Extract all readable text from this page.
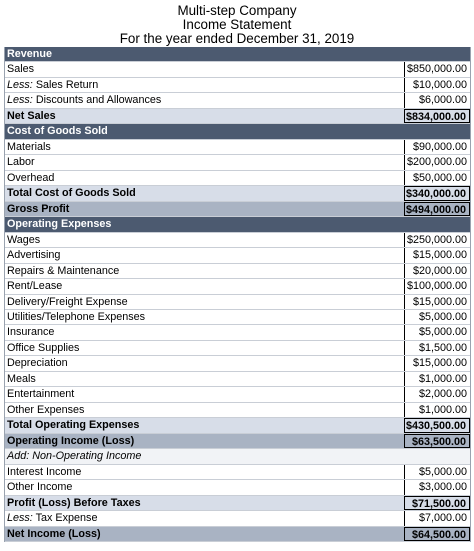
Multi-step Company
Income Statement
For the year ended December 31, 2019
Revenue
Sales	$850,000.00
Less: Sales Return	$10,000.00
Less: Discounts and Allowances	$6,000.00
Net Sales	$834,000.00
Cost of Goods Sold
Materials	$90,000.00
Labor	$200,000.00
Overhead	$50,000.00
Total Cost of Goods Sold	$340,000.00
Gross Profit	$494,000.00
Operating Expenses
Wages	$250,000.00
Advertising	$15,000.00
Repairs & Maintenance	$20,000.00
Rent/Lease	$100,000.00
Delivery/Freight Expense	$15,000.00
Utilities/Telephone Expenses	$5,000.00
Insurance	$5,000.00
Office Supplies	$1,500.00
Depreciation	$15,000.00
Meals	$1,000.00
Entertainment	$2,000.00
Other Expenses	$1,000.00
Total Operating Expenses	$430,500.00
Operating Income (Loss)	$63,500.00
Add: Non-Operating Income
Interest Income	$5,000.00
Other Income	$3,000.00
Profit (Loss) Before Taxes	$71,500.00
Less: Tax Expense	$7,000.00
Net Income (Loss)	$64,500.00
